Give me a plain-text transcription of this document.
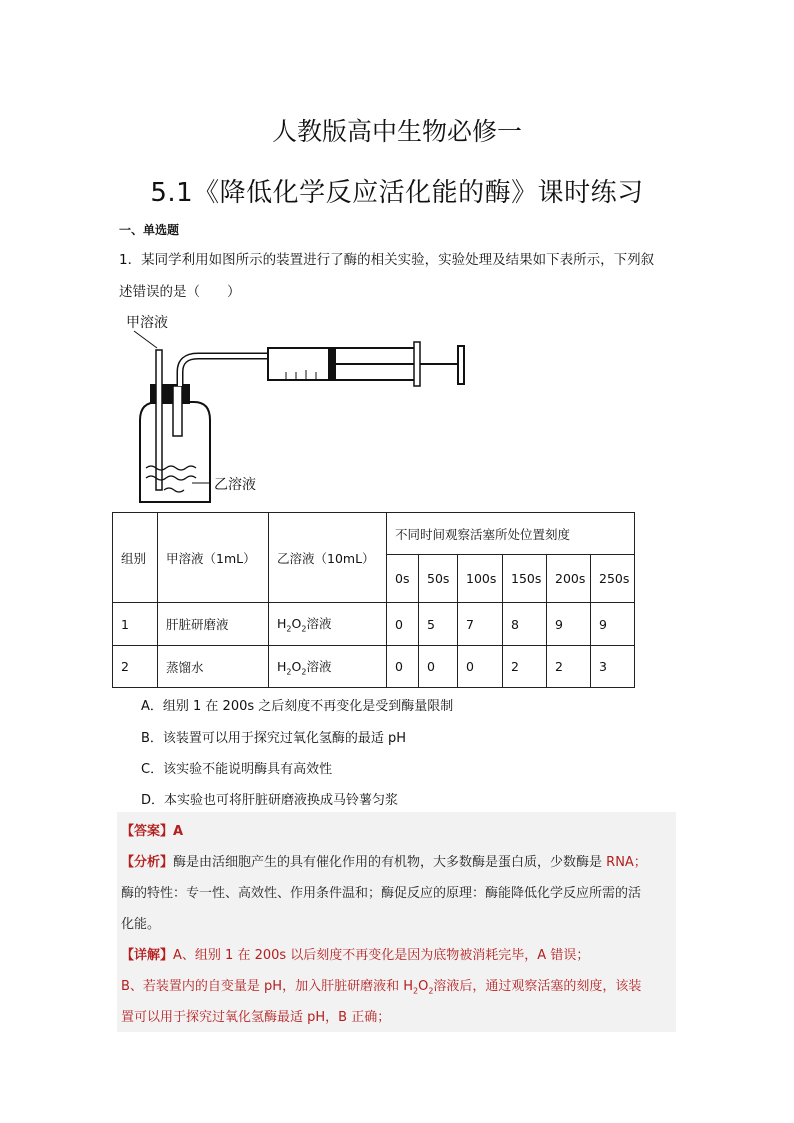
人教版高中生物必修一
5.1《降低化学反应活化能的酶》课时练习
一、单选题
1．某同学利用如图所示的装置进行了酶的相关实验，实验处理及结果如下表所示，下列叙
述错误的是（　　）
甲溶液
乙溶液
组别	甲溶液（1mL）	乙溶液（10mL）	不同时间观察活塞所处位置刻度					
			0s	50s	100s	150s	200s	250s
1	肝脏研磨液	$H_2O_2$溶液	0	5	7	8	9	9
2	蒸馏水	$H_2O_2$溶液	0	0	0	2	2	3
A．组别 1 在 200s 之后刻度不再变化是受到酶量限制
B．该装置可以用于探究过氧化氢酶的最适 pH
C．该实验不能说明酶具有高效性
D．本实验也可将肝脏研磨液换成马铃薯匀浆
【答案】A
【分析】酶是由活细胞产生的具有催化作用的有机物，大多数酶是蛋白质，少数酶是 RNA；
酶的特性：专一性、高效性、作用条件温和；酶促反应的原理：酶能降低化学反应所需的活
化能。
【详解】A、组别 1 在 200s 以后刻度不再变化是因为底物被消耗完毕，A 错误；
B、若装置内的自变量是 pH，加入肝脏研磨液和 $H_2O_2$溶液后，通过观察活塞的刻度，该装
置可以用于探究过氧化氢酶最适 pH，B 正确；
